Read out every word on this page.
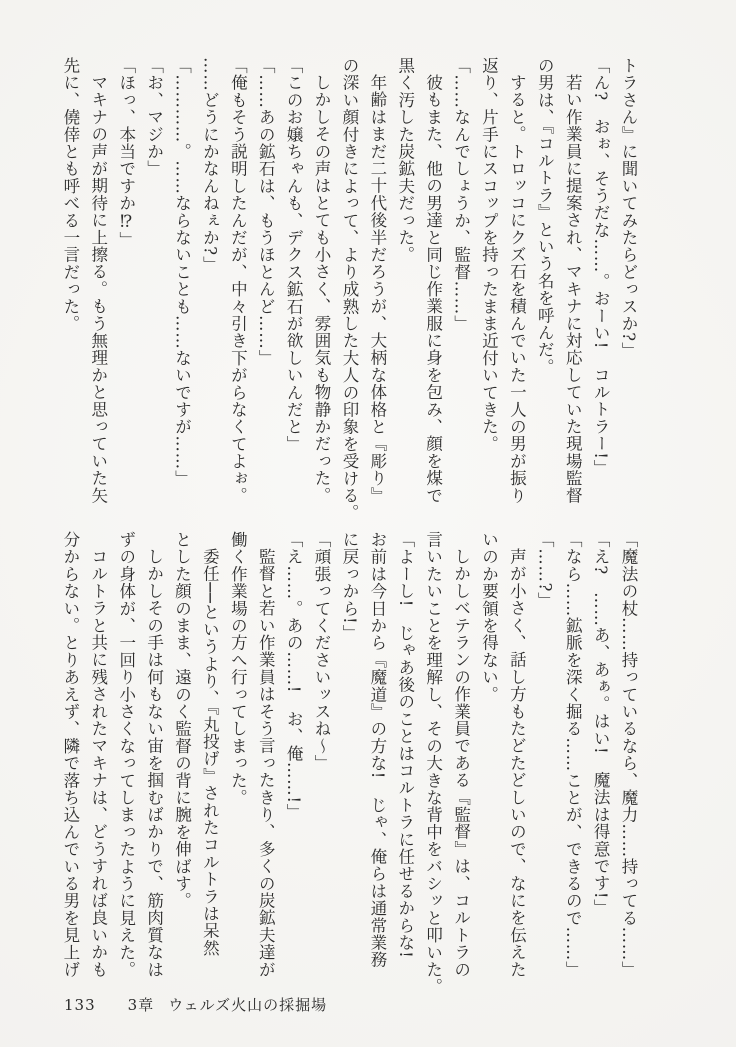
トラさん』に聞いてみたらどっスか?」

「ん?　おぉ、そうだな……。おーい!　コルトラー!」

若い作業員に提案され、マキナに対応していた現場監督

の男は、『コルトラ』という名を呼んだ。

すると。トロッコにクズ石を積んでいた一人の男が振り

返り、片手にスコップを持ったまま近付いてきた。

「……なんでしょうか、監督……」

彼もまた、他の男達と同じ作業服に身を包み、顔を煤で

黒く汚した炭鉱夫だった。

年齢はまだ二十代後半だろうが、大柄な体格と『彫り』

の深い顔付きによって、より成熟した大人の印象を受ける。

しかしその声はとても小さく、雰囲気も物静かだった。

「このお嬢ちゃんも、デクス鉱石が欲しいんだと」

「……あの鉱石は、もうほとんど……」

「俺もそう説明したんだが、中々引き下がらなくてよぉ。

……どうにかなんねぇか?」

「…………。……ならないことも……ないですが……」

「お、マジか」

「ほっ、本当ですか⁉」

マキナの声が期待に上擦る。もう無理かと思っていた矢

先に、僥倖とも呼べる一言だった。

「魔法の杖……持っているなら、魔力……持ってる……」

「え?　……あ、あぁ。はい!　魔法は得意です!」

「なら……鉱脈を深く掘る……ことが、できるので……」

「……?」

声が小さく、話し方もたどたどしいので、なにを伝えた

いのか要領を得ない。

しかしベテランの作業員である『監督』は、コルトラの

言いたいことを理解し、その大きな背中をバシッと叩いた。

「よーし!　じゃあ後のことはコルトラに任せるからな!

お前は今日から『魔道』の方な!　じゃ、俺らは通常業務

に戻っから!」

「頑張ってくださいッスね〜」

「え……。あの……!　お、俺……!」

監督と若い作業員はそう言ったきり、多くの炭鉱夫達が

働く作業場の方へ行ってしまった。

委任──というより、『丸投げ』されたコルトラは呆然

とした顔のまま、遠のく監督の背に腕を伸ばす。

しかしその手は何もない宙を掴むばかりで、筋肉質なは

ずの身体が、一回り小さくなってしまったように見えた。

コルトラと共に残されたマキナは、どうすれば良いかも

分からない。とりあえず、隣で落ち込んでいる男を見上げ

133 3章 ウェルズ火山の採掘場
